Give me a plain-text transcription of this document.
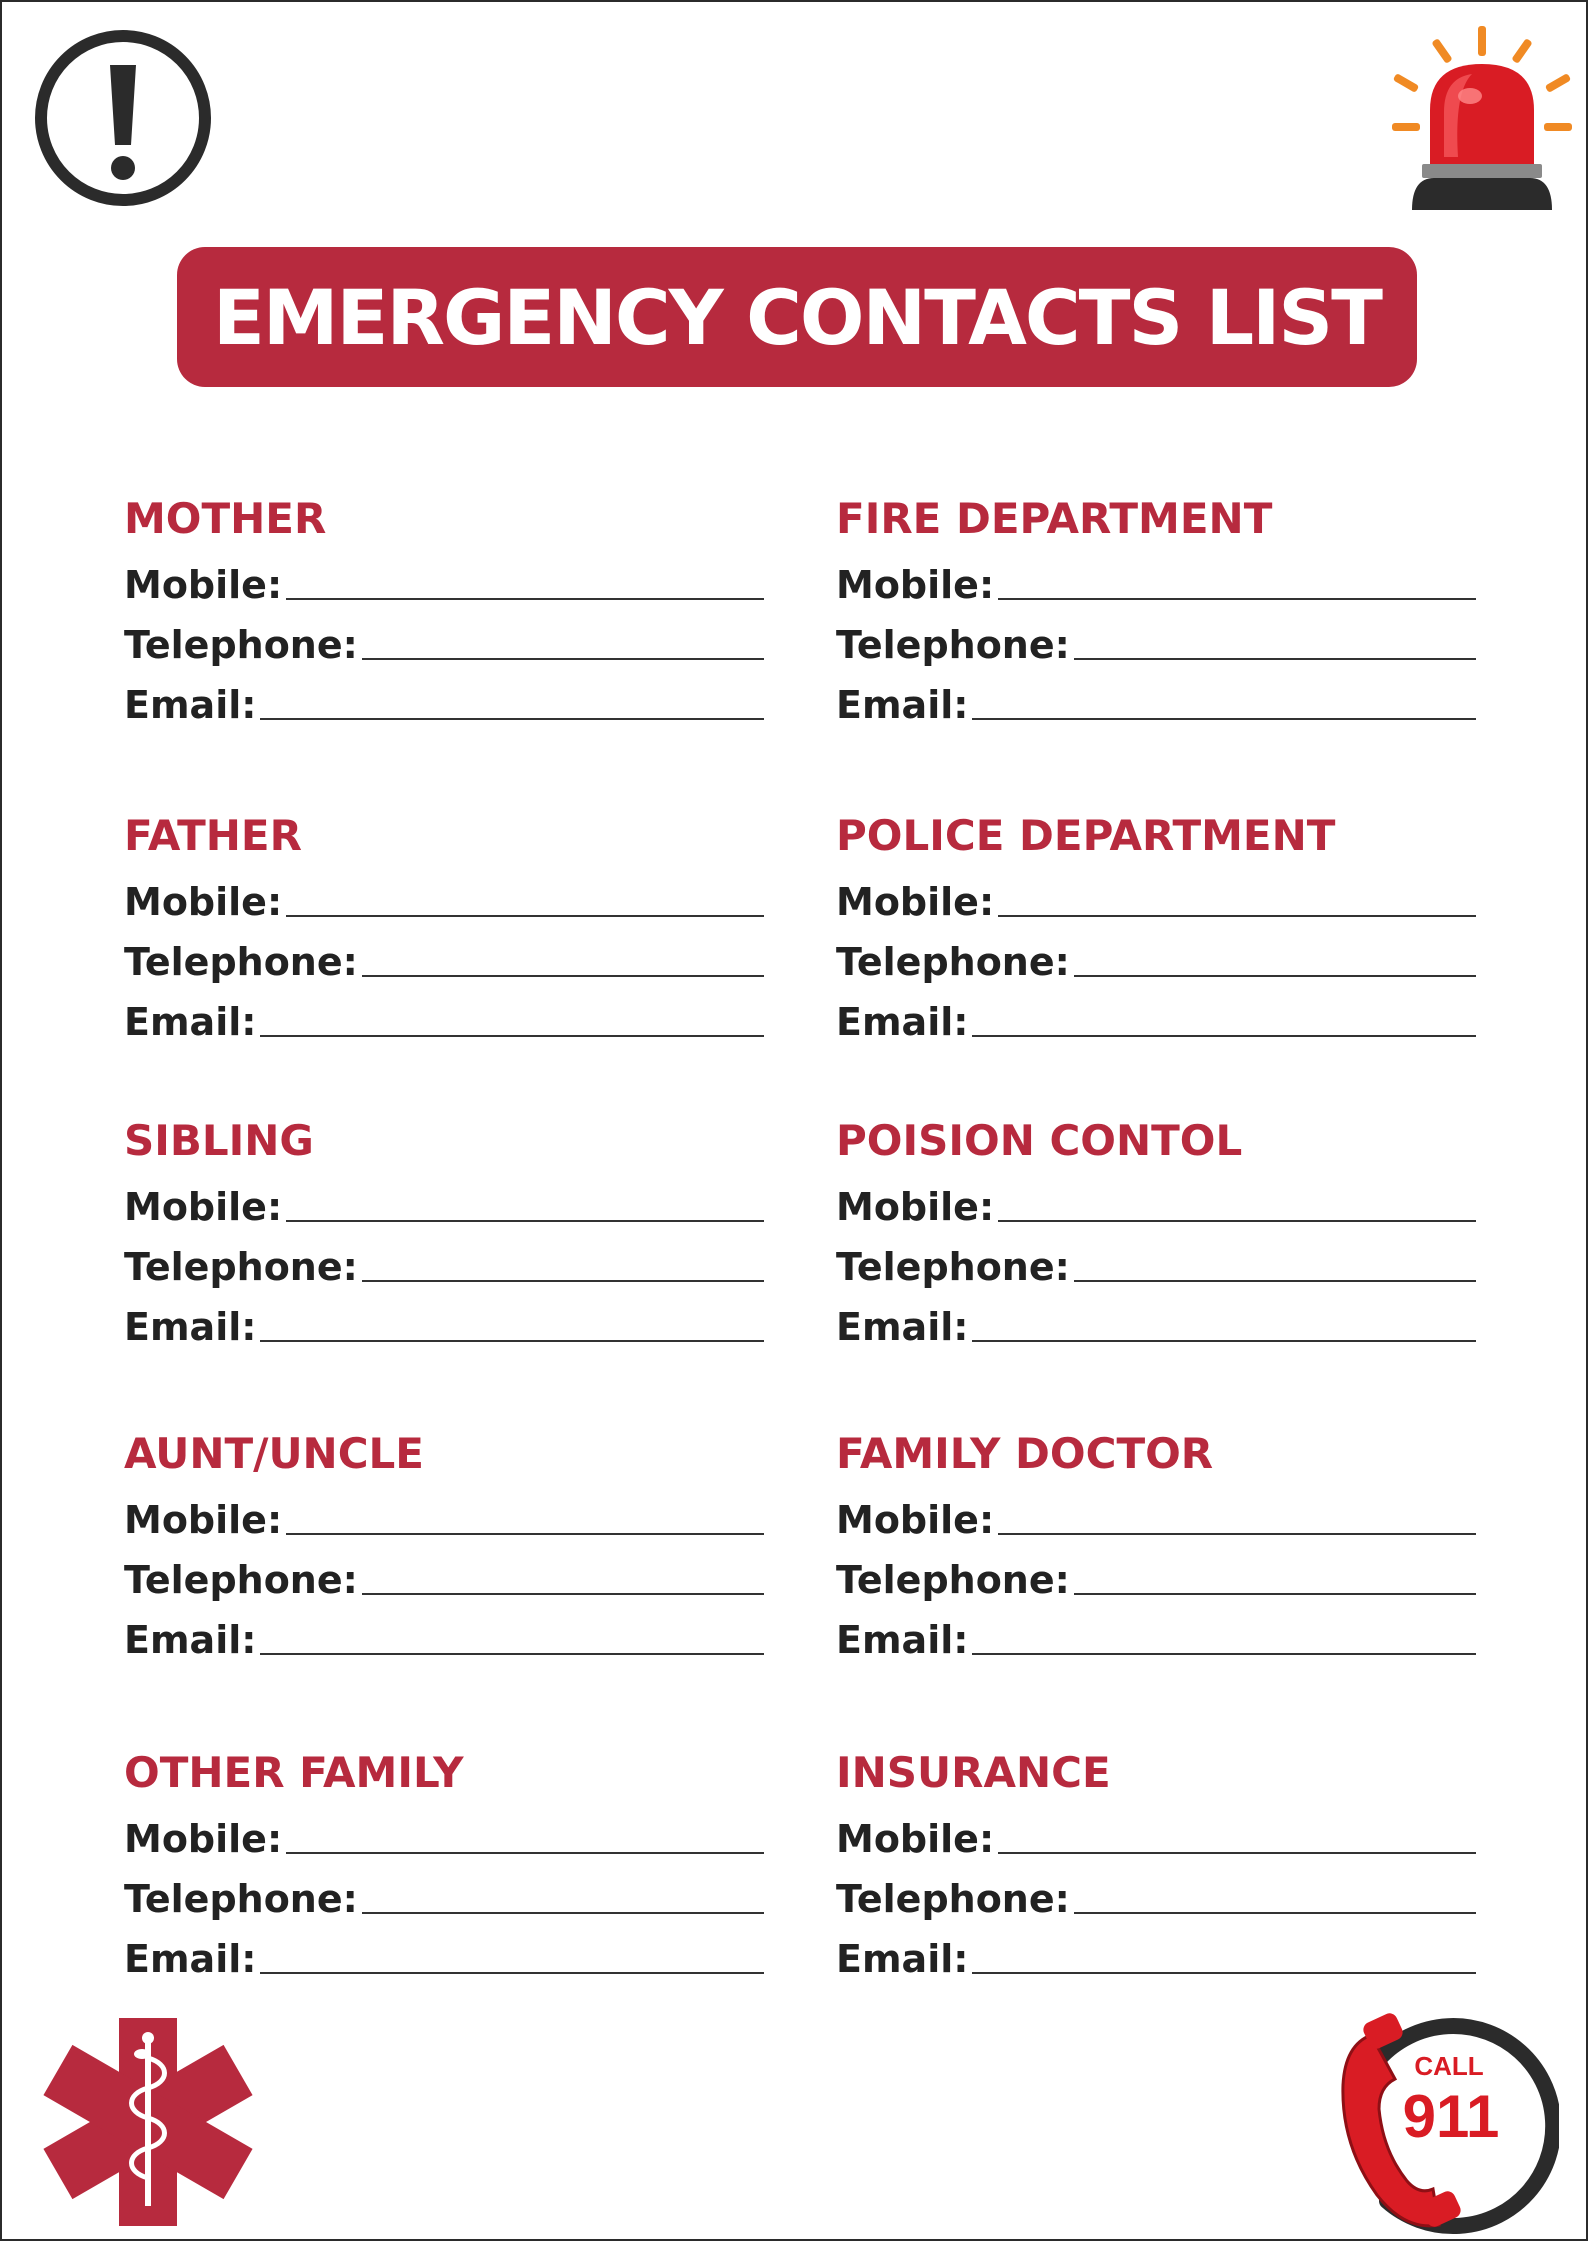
EMERGENCY CONTACTS LIST
MOTHER
Mobile:
Telephone:
Email:
FATHER
Mobile:
Telephone:
Email:
SIBLING
Mobile:
Telephone:
Email:
AUNT/UNCLE
Mobile:
Telephone:
Email:
OTHER FAMILY
Mobile:
Telephone:
Email:
FIRE DEPARTMENT
Mobile:
Telephone:
Email:
POLICE DEPARTMENT
Mobile:
Telephone:
Email:
POISION CONTOL
Mobile:
Telephone:
Email:
FAMILY DOCTOR
Mobile:
Telephone:
Email:
INSURANCE
Mobile:
Telephone:
Email:
CALL
911
